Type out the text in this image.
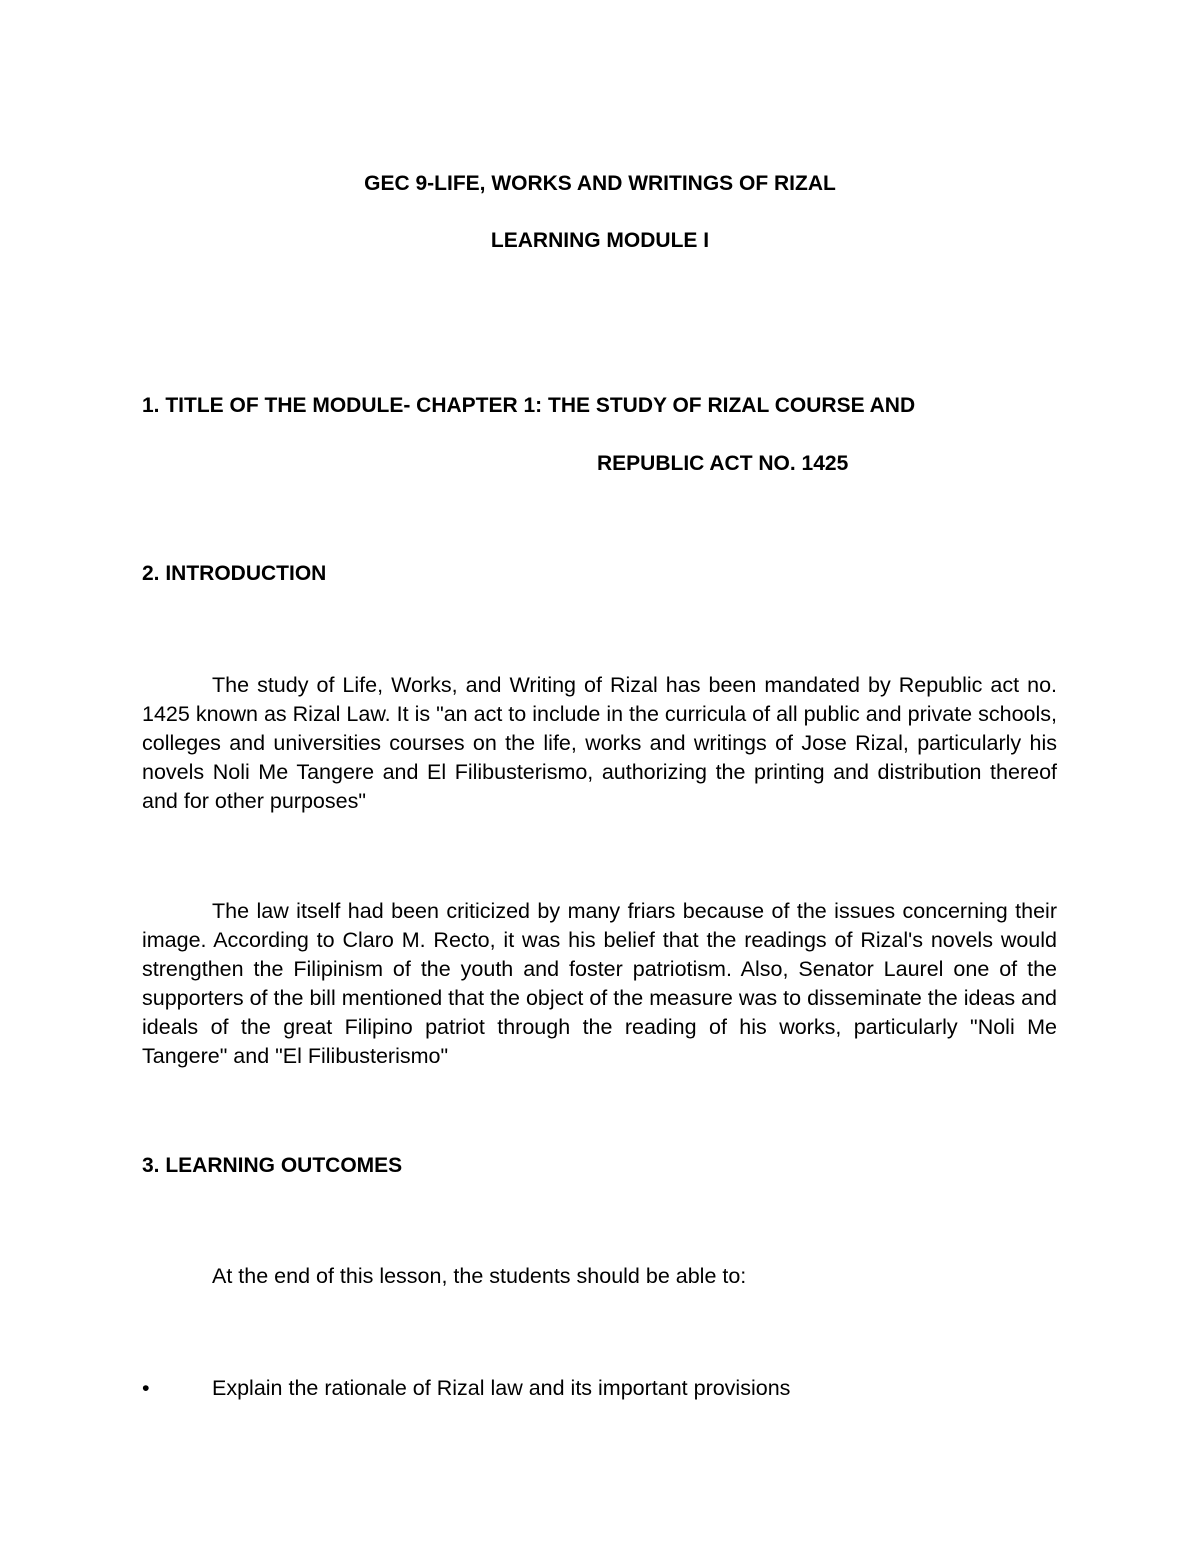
GEC 9-LIFE, WORKS AND WRITINGS OF RIZAL
LEARNING MODULE I
1. TITLE OF THE MODULE- CHAPTER 1: THE STUDY OF RIZAL COURSE AND
REPUBLIC ACT NO. 1425
2. INTRODUCTION

The study of Life, Works, and Writing of Rizal has been mandated by Republic act no. 1425 known as Rizal Law. It is "an act to include in the curricula of all public and private schools, colleges and universities courses on the life, works and writings of Jose Rizal, particularly his novels Noli Me Tangere and El Filibusterismo, authorizing the printing and distribution thereof and for other purposes"

The law itself had been criticized by many friars because of the issues concerning their image. According to Claro M. Recto, it was his belief that the readings of Rizal's novels would strengthen the Filipinism of the youth and foster patriotism. Also, Senator Laurel one of the supporters of the bill mentioned that the object of the measure was to disseminate the ideas and ideals of the great Filipino patriot through the reading of his works, particularly "Noli Me Tangere" and "El Filibusterismo"

3. LEARNING OUTCOMES
At the end of this lesson, the students should be able to:
•	Explain the rationale of Rizal law and its important provisions
